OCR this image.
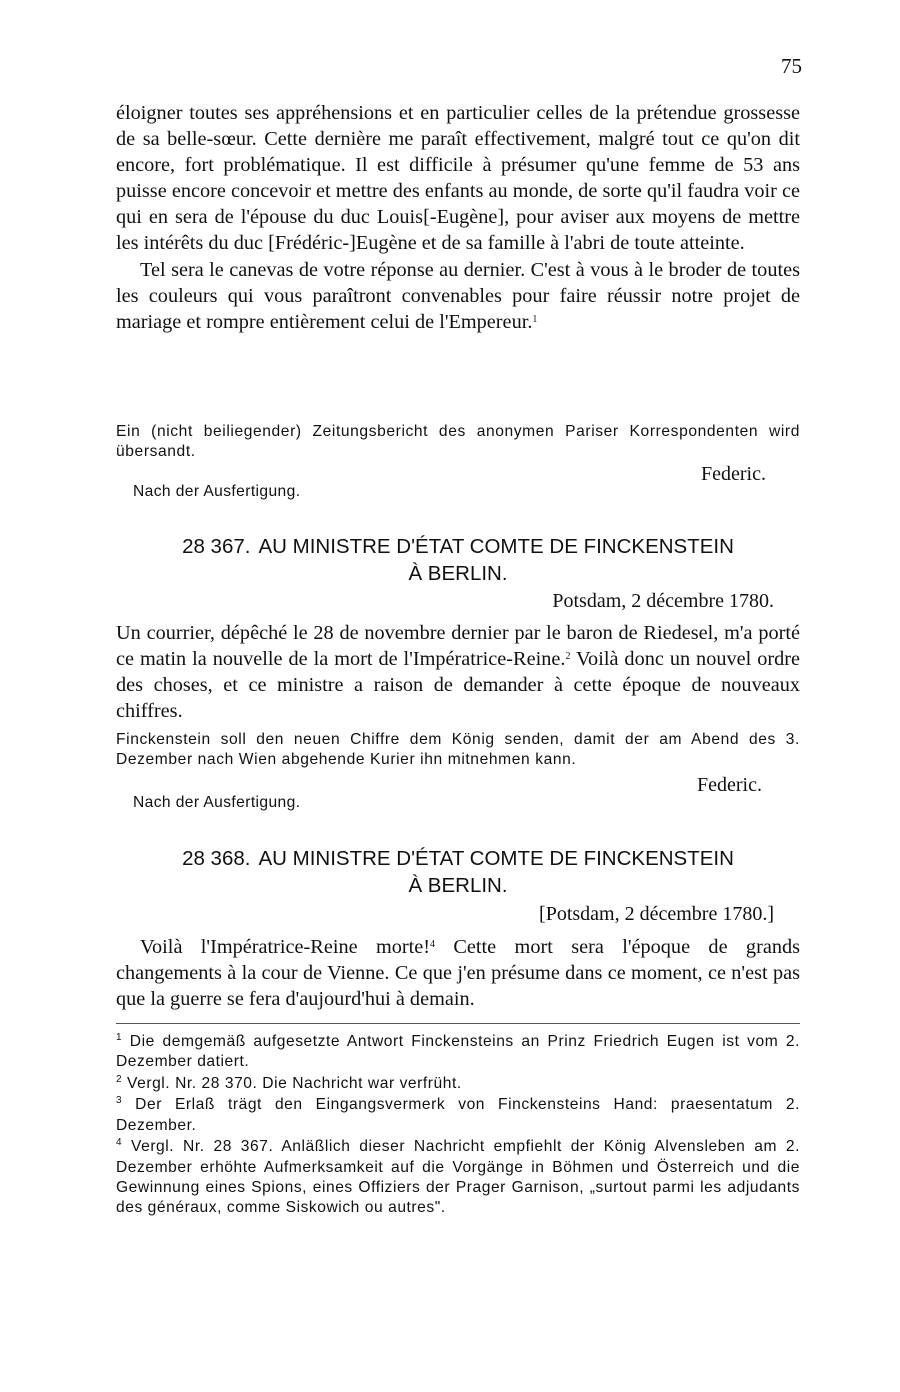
75

éloigner toutes ses appréhensions et en particulier celles de la prétendue grossesse de sa belle-sœur. Cette dernière me paraît effectivement, malgré tout ce qu'on dit encore, fort problématique. Il est difficile à présumer qu'une femme de 53 ans puisse encore concevoir et mettre des enfants au monde, de sorte qu'il faudra voir ce qui en sera de l'épouse du duc Louis[-Eugène], pour aviser aux moyens de mettre les intérêts du duc [Frédéric-]Eugène et de sa famille à l'abri de toute atteinte.

Tel sera le canevas de votre réponse au dernier. C'est à vous à le broder de toutes les couleurs qui vous paraîtront convenables pour faire réussir notre projet de mariage et rompre entièrement celui de l'Empereur.$^1$

Ein (nicht beiliegender) Zeitungsbericht des anonymen Pariser Korrespondenten wird übersandt.

Federic.
Nach der Ausfertigung.
28 367. AU MINISTRE D'ÉTAT COMTE DE FINCKENSTEIN
À BERLIN.
Potsdam, 2 décembre 1780.

Un courrier, dépêché le 28 de novembre dernier par le baron de Riedesel, m'a porté ce matin la nouvelle de la mort de l'Impératrice-Reine.$^2$ Voilà donc un nouvel ordre des choses, et ce ministre a raison de demander à cette époque de nouveaux chiffres.

Finckenstein soll den neuen Chiffre dem König senden, damit der am Abend des 3. Dezember nach Wien abgehende Kurier ihn mitnehmen kann.

Federic.
Nach der Ausfertigung.
28 368. AU MINISTRE D'ÉTAT COMTE DE FINCKENSTEIN
À BERLIN.
[Potsdam, 2 décembre 1780.]

Voilà l'Impératrice-Reine morte!$^4$ Cette mort sera l'époque de grands changements à la cour de Vienne. Ce que j'en présume dans ce moment, ce n'est pas que la guerre se fera d'aujourd'hui à demain.

$^1$ Die demgemäß aufgesetzte Antwort Finckensteins an Prinz Friedrich Eugen ist vom 2. Dezember datiert.

$^2$ Vergl. Nr. 28 370. Die Nachricht war verfrüht.

$^3$ Der Erlaß trägt den Eingangsvermerk von Finckensteins Hand: praesentatum 2. Dezember.

$^4$ Vergl. Nr. 28 367. Anläßlich dieser Nachricht empfiehlt der König Alvensleben am 2. Dezember erhöhte Aufmerksamkeit auf die Vorgänge in Böhmen und Österreich und die Gewinnung eines Spions, eines Offiziers der Prager Garnison, „surtout parmi les adjudants des généraux, comme Siskowich ou autres".
